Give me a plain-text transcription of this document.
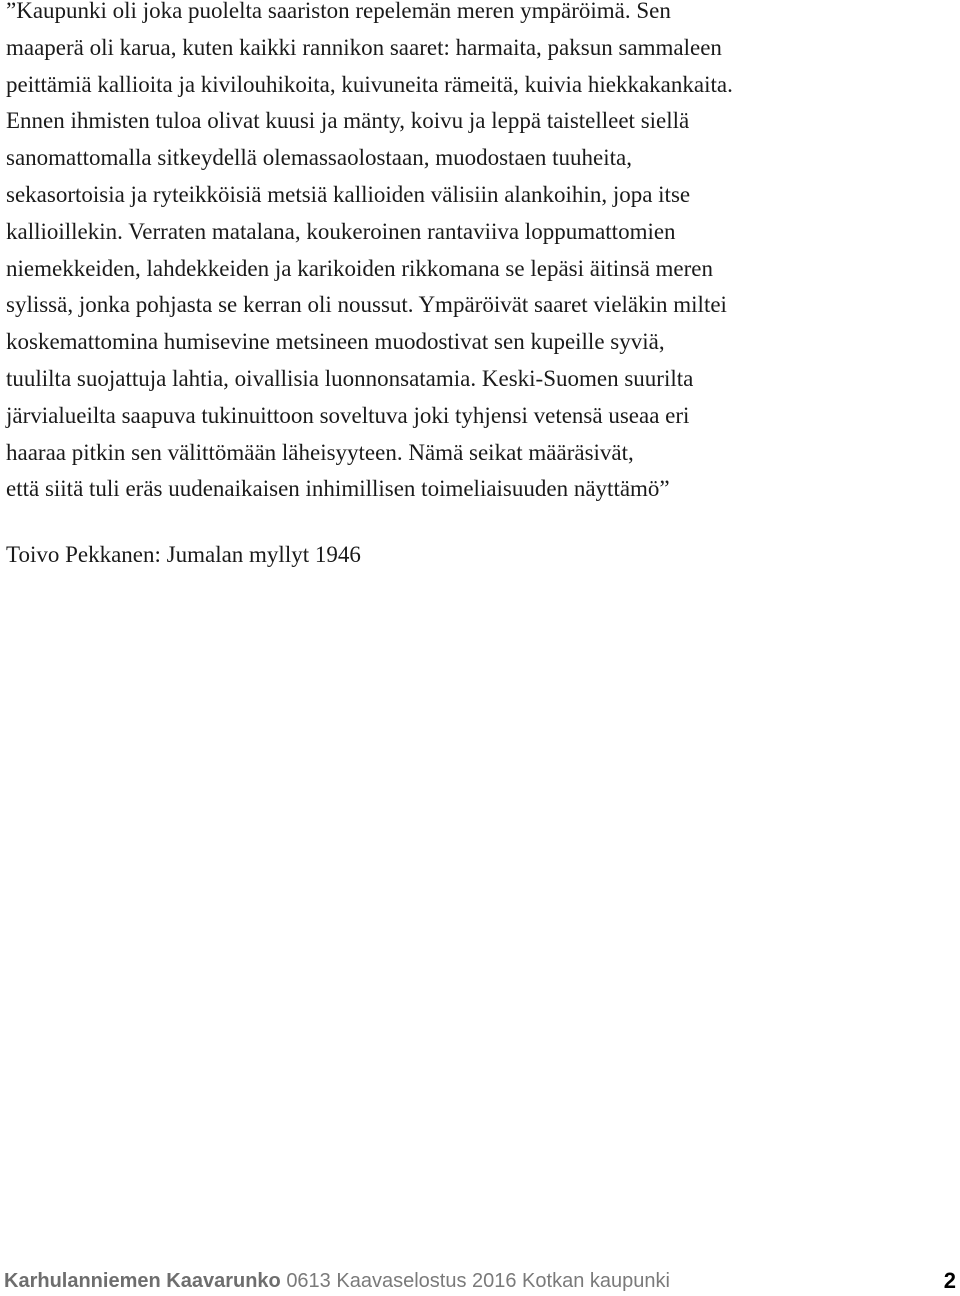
”Kaupunki oli joka puolelta saariston repelemän meren ympäröimä. Sen
maaperä oli karua, kuten kaikki rannikon saaret: harmaita, paksun sammaleen
peittämiä kallioita ja kivilouhikoita, kuivuneita rämeitä, kuivia hiekkakankaita.
Ennen ihmisten tuloa olivat kuusi ja mänty, koivu ja leppä taistelleet siellä
sanomattomalla sitkeydellä olemassaolostaan, muodostaen tuuheita,
sekasortoisia ja ryteikköisiä metsiä kallioiden välisiin alankoihin, jopa itse
kallioillekin. Verraten matalana, koukeroinen rantaviiva loppumattomien
niemekkeiden, lahdekkeiden ja karikoiden rikkomana se lepäsi äitinsä meren
sylissä, jonka pohjasta se kerran oli noussut. Ympäröivät saaret vieläkin miltei
koskemattomina humisevine metsineen muodostivat sen kupeille syviä,
tuulilta suojattuja lahtia, oivallisia luonnonsatamia. Keski-Suomen suurilta
järvialueilta saapuva tukinuittoon soveltuva joki tyhjensi vetensä useaa eri
haaraa pitkin sen välittömään läheisyyteen. Nämä seikat määräsivät,
että siitä tuli eräs uudenaikaisen inhimillisen toimeliaisuuden näyttämö”
Toivo Pekkanen: Jumalan myllyt 1946
Karhulanniemen Kaavarunko 0613 Kaavaselostus 2016 Kotkan kaupunki	2
